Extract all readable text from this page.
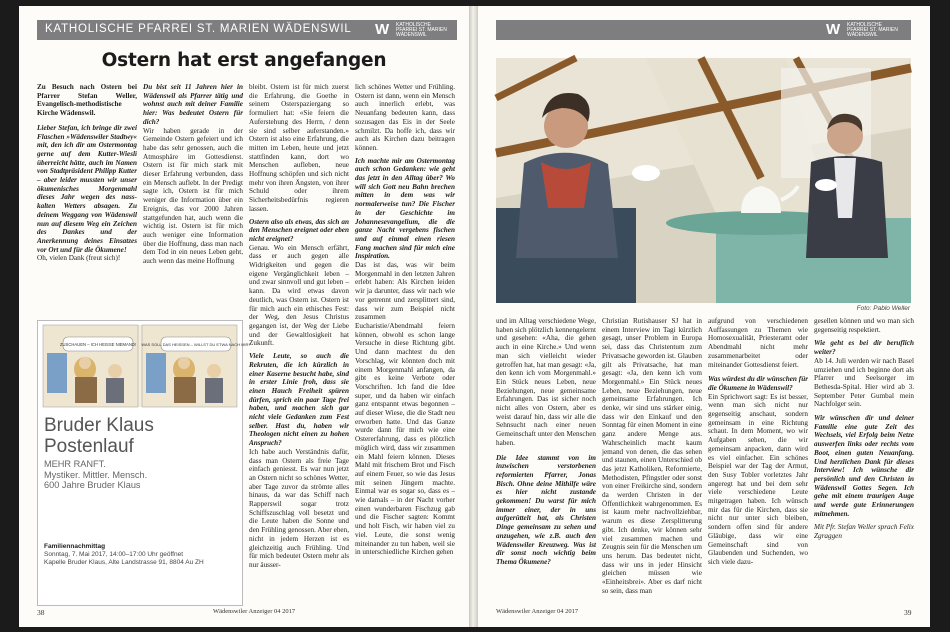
KATHOLISCHE PFARREI ST. MARIEN WÄDENSWIL W KATHOLISCHE PFARREI ST. MARIEN WÄDENSWIL
Ostern hat erst angefangen

Zu Besuch nach Ostern bei Pfarrer Stefan Weller, Evangelisch-methodistische Kirche Wädenswil.

Lieber Stefan, ich bringe dir zwei Flaschen »Wädenswiler Stadtwy« mit, den ich dir am Ostermontag gerne auf dem Kutter-Wieslì überreicht hätte, auch im Namen von Stadtpräsident Philipp Kutter – aber leider mussten wir unser ökumenisches Morgenmahl dieses Jahr wegen des nass-kalten Wetters absagen. Zu deinem Weggang von Wädenswil nun auf diesem Weg ein Zeichen des Dankes und der Anerkennung deines Einsatzes vor Ort und für die Ökumene!

Oh, vielen Dank (freut sich)!

Du bist seit 11 Jahren hier in Wädenswil als Pfarrer tätig und wohnst auch mit deiner Familie hier: Was bedeutet Ostern für dich?

Wir haben gerade in der Gemeinde Ostern gefeiert und ich habe das sehr genossen, auch die Atmosphäre im Gottesdienst. Ostern ist für mich stark mit dieser Erfahrung verbunden, dass ein Mensch auflebt. In der Predigt sagte ich, Ostern ist für mich weniger die Information über ein Ereignis, das vor 2000 Jahren stattgefunden hat, auch wenn die wichtig ist. Ostern ist für mich auch weniger eine Information über die Hoffnung, dass man nach dem Tod in ein neues Leben geht, auch wenn das meine Hoffnung

bleibt. Ostern ist für mich zuerst die Erfahrung, die Goethe in seinem Osterspaziergang so formuliert hat: «Sie feiern die Auferstehung des Herrn, / denn sie sind selber auferstanden.» Ostern ist also eine Erfahrung, die mitten im Leben, heute und jetzt stattfinden kann, dort wo Menschen aufleben, neue Hoffnung schöpfen und sich nicht mehr von ihren Ängsten, von ihrer Schuld oder ihrem Sicherheitsbedürfnis regieren lassen.

Ostern also als etwas, das sich an den Menschen ereignet oder eben nicht ereignet?

Genau. Wo ein Mensch erfährt, dass er auch gegen alle Widrigkeiten und gegen die eigene Vergänglichkeit leben – und zwar sinnvoll und gut leben – kann. Da wird etwas davon deutlich, was Ostern ist. Ostern ist für mich auch ein ethisches Fest: der Weg, den Jesus Christus gegangen ist, der Weg der Liebe und der Gewaltlosigkeit hat Zukunft.

Viele Leute, so auch die Rekruten, die ich kürzlich in einer Kaserne besucht habe, sind in erster Linie froh, dass sie einen Hauch Freiheit spüren dürfen, sprich ein paar Tage frei haben, und machen sich gar nicht viele Gedanken zum Fest selber. Hast du, haben wir Theologen nicht einen zu hohen Anspruch?

Ich habe auch Verständnis dafür, dass man Ostern als freie Tage einfach geniesst. Es war nun jetzt an Ostern nicht so schönes Wetter, aber Tage zuvor da strömte alles hinaus, da war das Schiff nach Rapperswil sogar trotz Schiffszuschlag voll besetzt und die Leute haben die Sonne und den Frühling genossen. Aber eben, nicht in jedem Herzen ist es gleichzeitig auch Frühling. Und für mich bedeutet Ostern mehr als nur äusser-

lich schönes Wetter und Frühling. Ostern ist dann, wenn ein Mensch auch innerlich erlebt, was Neuanfang bedeuten kann, dass sozusagen das Eis in der Seele schmilzt. Da hoffe ich, dass wir auch als Kirchen dazu beitragen können.

Ich machte mir am Ostermontag auch schon Gedanken: wie geht das jetzt in den Alltag über? Wo will sich Gott neu Bahn brechen mitten in dem was wir normalerweise tun? Die Fischer in der Geschichte im Johannesevangelium, die die ganze Nacht vergebens fischen und auf einmal einen riesen Fang machen sind für mich eine Inspiration.

Das ist das, was wir beim Morgenmahl in den letzten Jahren erlebt haben: Als Kirchen leiden wir ja darunter, dass wir nach wie vor getrennt und zersplittert sind, dass wir zum Beispiel nicht zusammen Eucharistie/Abendmahl feiern können, obwohl es schon lange Versuche in diese Richtung gibt. Und dann machtest du den Vorschlag, wir könnten doch mit einem Morgenmahl anfangen, da gibt es keine Verbote oder Vorschriften. Ich fand die Idee super, und da haben wir einfach ganz entspannt etwas begonnen – auf dieser Wiese, die die Stadt neu erworben hatte. Und das Ganze wurde dann für mich wie eine Ostererfahrung, dass es plötzlich möglich wird, dass wir zusammen ein Mahl feiern können. Dieses Mahl mit frischem Brot und Fisch auf einem Feuer, so wie das Jesus mit seinen Jüngern machte. Einmal war es sogar so, dass es – wie damals – in der Nacht vorher einen wunderbaren Fischzug gab und die Fischer sagten: Kommt und holt Fisch, wir haben viel zu viel. Leute, die sonst wenig miteinander zu tun haben, weil sie in unterschiedliche Kirchen gehen

ZUSCHAUEN – ICH HEISSE NIEMAND! WAS SOLL DAS HEISSEN – WILLST DU ETWA NACH MIR?
Bruder Klaus
Postenlauf
MEHR RANFT.
Mystiker. Mittler. Mensch.
600 Jahre Bruder Klaus
Familiennachmittag
Sonntag, 7. Mai 2017, 14:00–17:00 Uhr geöffnet
Kapelle Bruder Klaus, Alte Landstrasse 91, 8804 Au ZH
38	Wädenswiler Anzeiger 04 2017
W KATHOLISCHE PFARREI ST. MARIEN WÄDENSWIL
Foto: Pablo Weller

und im Alltag verschiedene Wege, haben sich plötzlich kennengelernt und gesehen: «Aha, die gehen auch in eine Kirche.» Und wenn man sich vielleicht wieder getroffen hat, hat man gesagt: «Ja, den kenn ich vom Morgenmahl.» Ein Stück neues Leben, neue Beziehungen, neue gemeinsame Erfahrungen. Das ist sicher noch nicht alles von Ostern, aber es weist darauf hin, dass wir alle die Sehnsucht nach einer neuen Gemeinschaft unter den Menschen haben.

Die Idee stammt von im inzwischen verstorbenen reformierten Pfarrer, Jonas Bisch. Ohne deine Mithilfe wäre es hier nicht zustande gekommen! Du warst für mich immer einer, der in uns aufgerüttelt hat, als Christen Dinge gemeinsam zu sehen und anzugehen, wie z.B. auch den Wädenswiler Kreuzweg. Was ist dir sonst noch wichtig beim Thema Ökumene?

Christian Rutishauser SJ hat in einem Interview im Tagi kürzlich gesagt, unser Problem in Europa sei, dass das Christentum zum Privatsache geworden ist. Glauben gilt als Privatsache, hat man gesagt: «Ja, den kenn ich vom Morgenmahl.» Ein Stück neues Leben, neue Beziehungen, neue gemeinsame Erfahrungen. Ich denke, wir sind uns stärker einig, dass wir den Einkauf und den Sonntag für einen Moment in eine ganz andere Menge aus. Wahrscheinlich macht kaum jemand von denen, die das sehen und staunen, einen Unterschied ob das jetzt Katholiken, Reformierte, Methodisten, Pfingstler oder sonst von einer Freikirche sind, sondern da werden Christen in der Öffentlichkeit wahrgenommen. Es ist kaum mehr nachvollziehbar, warum es diese Zersplitterung gibt. Ich denke, wir können sehr viel zusammen machen und Zeugnis sein für die Menschen um uns herum. Das bedeutet nicht, dass wir uns in jeder Hinsicht gleichen müssen wie «Einheitsbrei». Aber es darf nicht so sein, dass man

aufgrund von verschiedenen Auffassungen zu Themen wie Homosexualität, Priesteramt oder Abendmahl nicht mehr zusammenarbeitet oder miteinander Gottesdienst feiert.

Was würdest du dir wünschen für die Ökumene in Wädenswil?

Ein Sprichwort sagt: Es ist besser, wenn man sich nicht nur gegenseitig anschaut, sondern gemeinsam in eine Richtung schaut. In dem Moment, wo wir Aufgaben sehen, die wir gemeinsam anpacken, dann wird es viel einfacher. Ein schönes Beispiel war der Tag der Armut, den Susy Tobler vorletztes Jahr angeregt hat und bei dem sehr viele verschiedene Leute mitgetragen haben. Ich wünsch mir das für die Kirchen, dass sie nicht nur unter sich bleiben, sondern offen sind für andere Gläubige, dass wir eine Gemeinschaft sind von Glaubenden und Suchenden, wo sich viele dazu-

gesellen können und wo man sich gegenseitig respektiert.

Wie geht es bei dir beruflich weiter?

Ab 14. Juli werden wir nach Basel umziehen und ich beginne dort als Pfarrer und Seelsorger im Bethesda-Spital. Hier wird ab 3. September Peter Gumbal mein Nachfolger sein.

Wir wünschen dir und deiner Familie eine gute Zeit des Wechsels, viel Erfolg beim Netze auswerfen links oder rechts vom Boot, einen guten Neuanfang. Und herzlichen Dank für dieses Interview! Ich wünsche dir persönlich und den Christen in Wädenswil Gottes Segen. Ich gehe mit einem traurigen Auge und werde gute Erinnerungen mitnehmen.

Mit Pfr. Stefan Weller sprach Felix Zgraggen

Wädenswiler Anzeiger 04 2017	39
